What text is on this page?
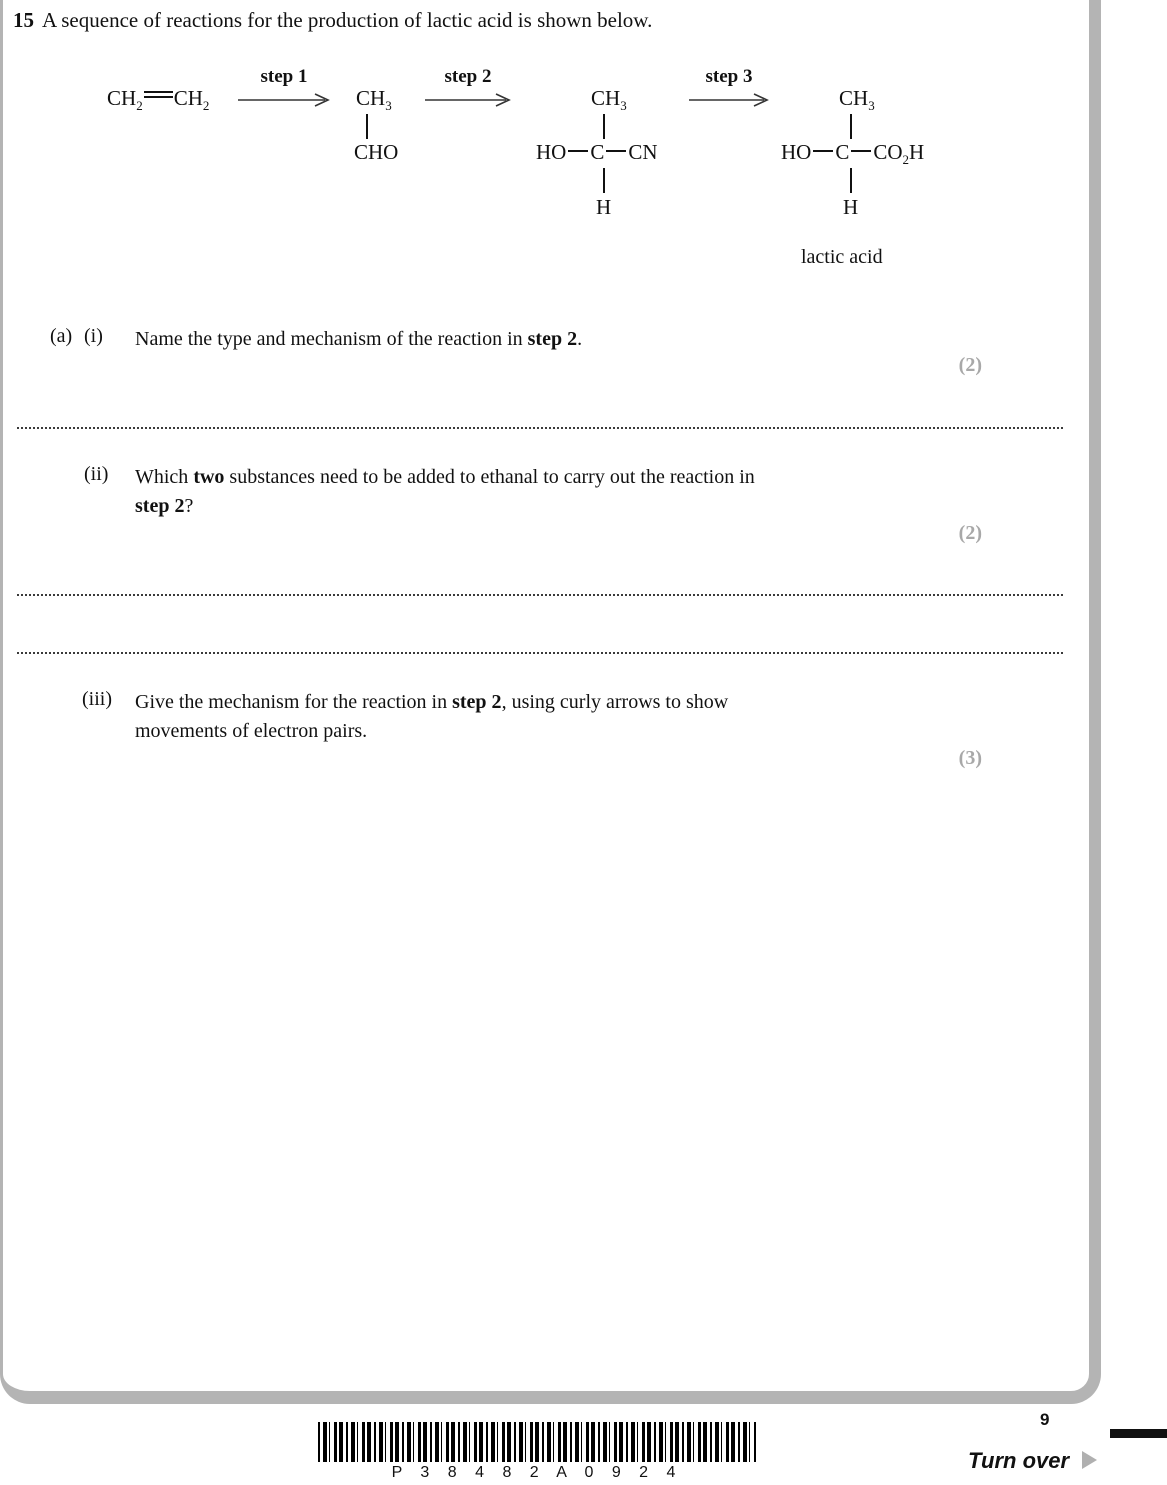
15 A sequence of reactions for the production of lactic acid is shown below.
$CH_2$ $CH_2$
step 1
$CH_3$
CHO
step 2
$CH_3$
HO C CN
H
step 3
$CH_3$
HO C $CO_2H$
H
lactic acid
(a) (i) Name the type and mechanism of the reaction in step 2.
(2)
(ii) Which two substances need to be added to ethanal to carry out the reaction in
step 2?
(2)
(iii) Give the mechanism for the reaction in step 2, using curly arrows to show
movements of electron pairs.
(3)
P 3 8 4 8 2 A 0 9 2 4
9
Turn over
